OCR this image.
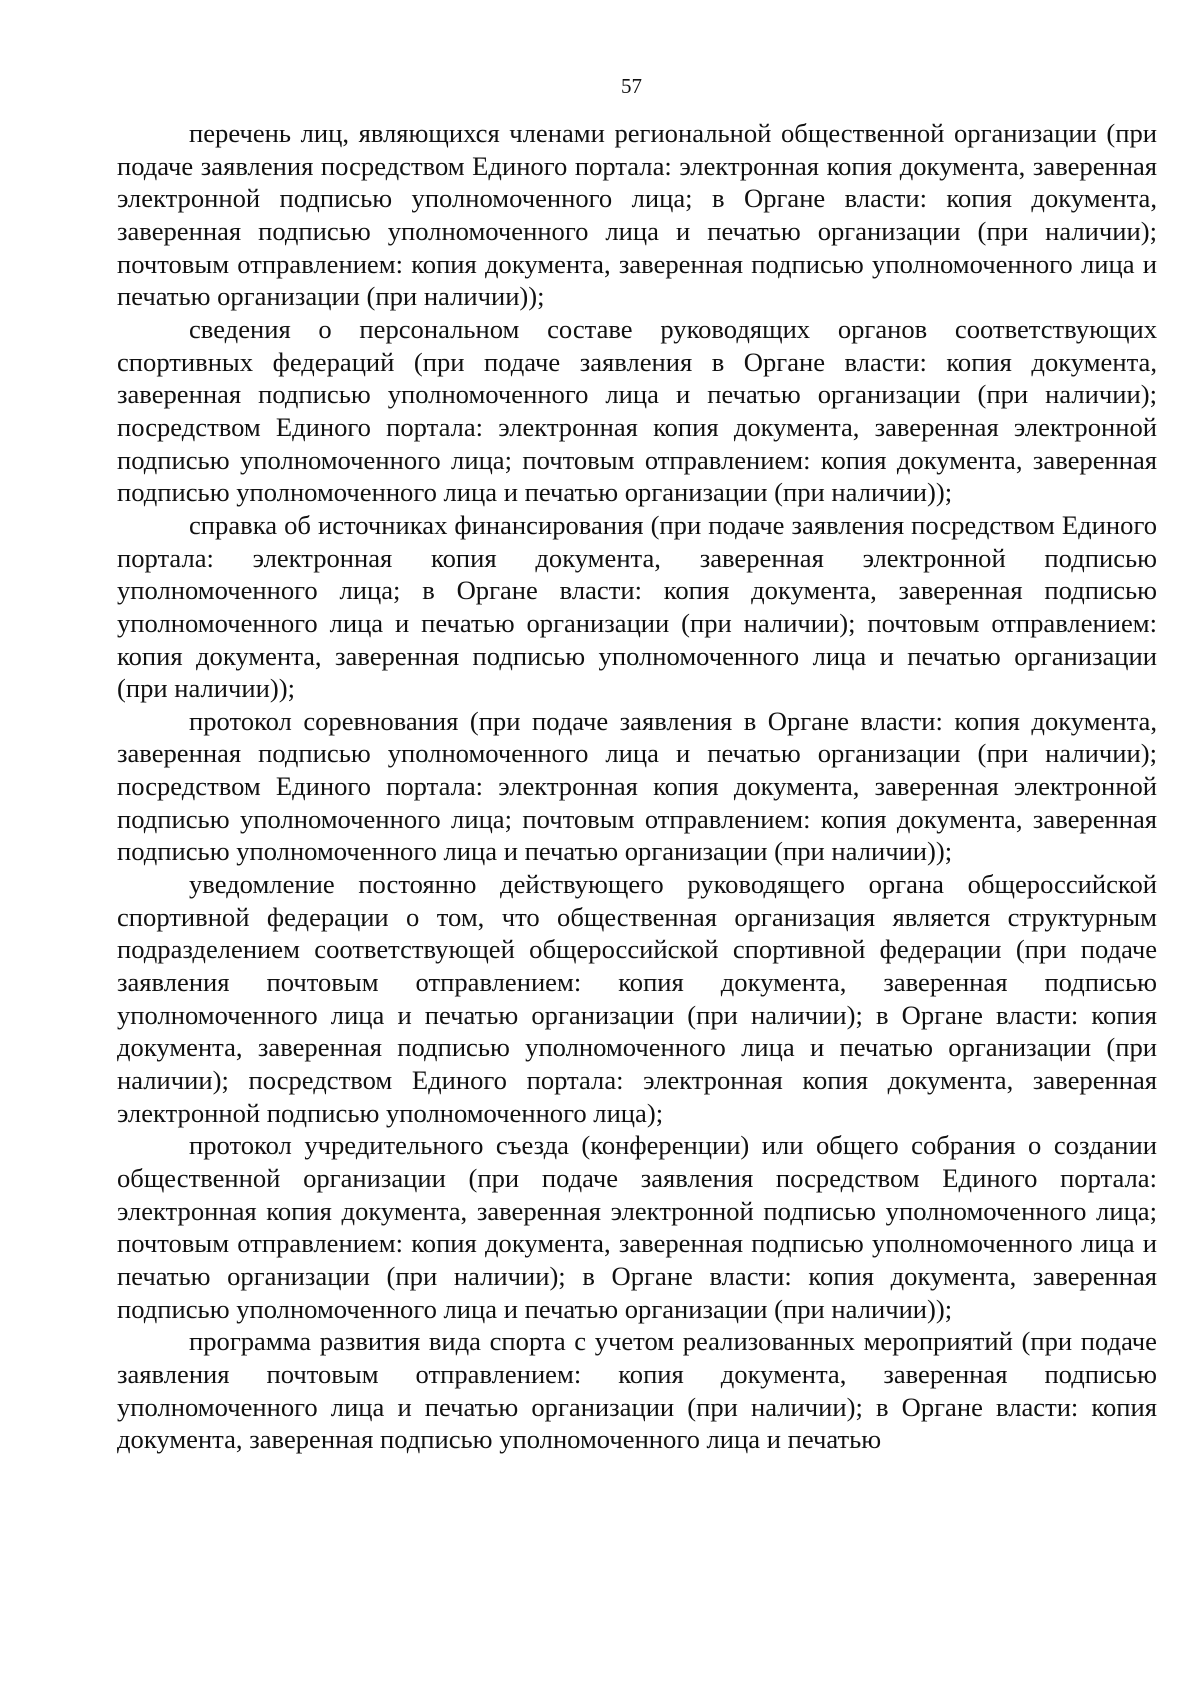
57

перечень лиц, являющихся членами региональной общественной организации (при подаче заявления посредством Единого портала: электронная копия документа, заверенная электронной подписью уполномоченного лица; в Органе власти: копия документа, заверенная подписью уполномоченного лица и печатью организации (при наличии); почтовым отправлением: копия документа, заверенная подписью уполномоченного лица и печатью организации (при наличии));

сведения о персональном составе руководящих органов соответствующих спортивных федераций (при подаче заявления в Органе власти: копия документа, заверенная подписью уполномоченного лица и печатью организации (при наличии); посредством Единого портала: электронная копия документа, заверенная электронной подписью уполномоченного лица; почтовым отправлением: копия документа, заверенная подписью уполномоченного лица и печатью организации (при наличии));

справка об источниках финансирования (при подаче заявления посредством Единого портала: электронная копия документа, заверенная электронной подписью уполномоченного лица; в Органе власти: копия документа, заверенная подписью уполномоченного лица и печатью организации (при наличии); почтовым отправлением: копия документа, заверенная подписью уполномоченного лица и печатью организации (при наличии));

протокол соревнования (при подаче заявления в Органе власти: копия документа, заверенная подписью уполномоченного лица и печатью организации (при наличии); посредством Единого портала: электронная копия документа, заверенная электронной подписью уполномоченного лица; почтовым отправлением: копия документа, заверенная подписью уполномоченного лица и печатью организации (при наличии));

уведомление постоянно действующего руководящего органа общероссийской спортивной федерации о том, что общественная организация является структурным подразделением соответствующей общероссийской спортивной федерации (при подаче заявления почтовым отправлением: копия документа, заверенная подписью уполномоченного лица и печатью организации (при наличии); в Органе власти: копия документа, заверенная подписью уполномоченного лица и печатью организации (при наличии); посредством Единого портала: электронная копия документа, заверенная электронной подписью уполномоченного лица);

протокол учредительного съезда (конференции) или общего собрания о создании общественной организации (при подаче заявления посредством Единого портала: электронная копия документа, заверенная электронной подписью уполномоченного лица; почтовым отправлением: копия документа, заверенная подписью уполномоченного лица и печатью организации (при наличии); в Органе власти: копия документа, заверенная подписью уполномоченного лица и печатью организации (при наличии));

программа развития вида спорта с учетом реализованных мероприятий (при подаче заявления почтовым отправлением: копия документа, заверенная подписью уполномоченного лица и печатью организации (при наличии); в Органе власти: копия документа, заверенная подписью уполномоченного лица и печатью
